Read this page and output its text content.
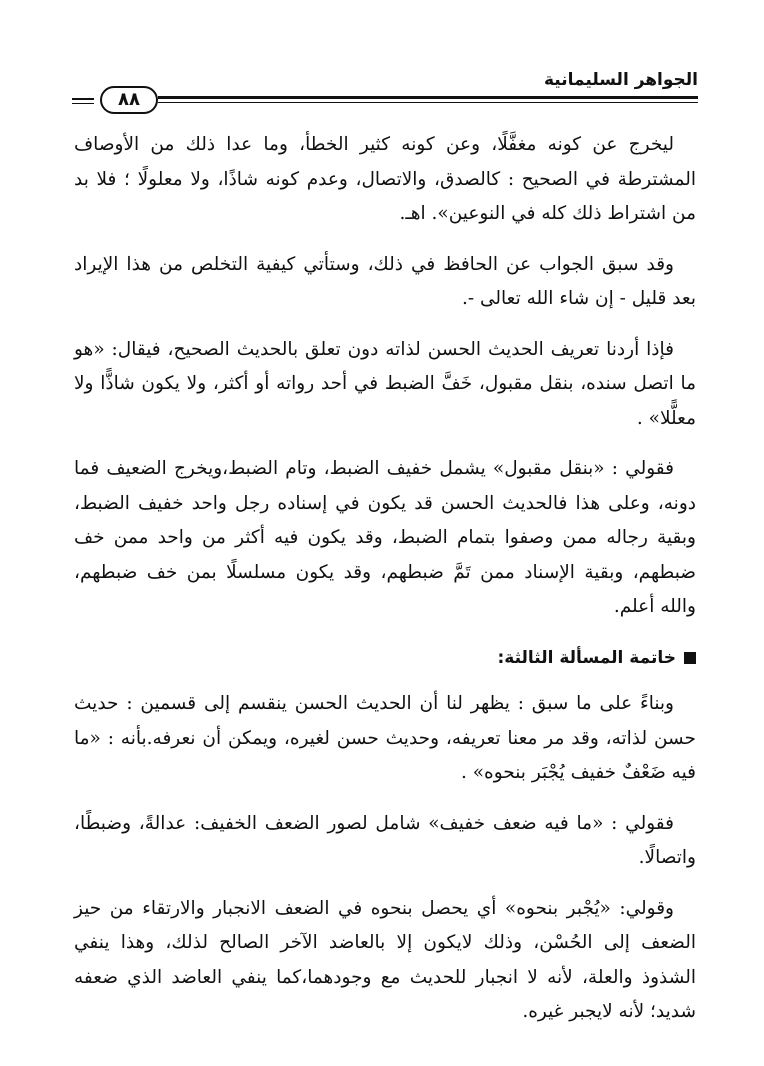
الجواهر السليمانية
٨٨

ليخرج عن كونه مغفَّلًا، وعن كونه كثير الخطأ، وما عدا ذلك من الأوصاف المشترطة في الصحيح : كالصدق، والاتصال، وعدم كونه شاذًا، ولا معلولًا ؛ فلا بد من اشتراط ذلك كله في النوعين». اهـ.

وقد سبق الجواب عن الحافظ في ذلك، وستأتي كيفية التخلص من هذا الإيراد بعد قليل - إن شاء الله تعالى -.

فإذا أردنا تعريف الحديث الحسن لذاته دون تعلق بالحديث الصحيح، فيقال: «هو ما اتصل سنده، بنقل مقبول، خَفَّ الضبط في أحد رواته أو أكثر، ولا يكون شاذًّا ولا معلًّلا» .

فقولي : «بنقل مقبول» يشمل خفيف الضبط، وتام الضبط،ويخرج الضعيف فما دونه، وعلى هذا فالحديث الحسن قد يكون في إسناده رجل واحد خفيف الضبط، وبقية رجاله ممن وصفوا بتمام الضبط، وقد يكون فيه أكثر من واحد ممن خف ضبطهم، وبقية الإسناد ممن تَمَّ ضبطهم، وقد يكون مسلسلًا بمن خف ضبطهم، والله أعلم.

خاتمة المسألة الثالثة:

وبناءً على ما سبق : يظهر لنا أن الحديث الحسن ينقسم إلى قسمين : حديث حسن لذاته، وقد مر معنا تعريفه، وحديث حسن لغيره، ويمكن أن نعرفه.بأنه : «ما فيه ضَعْفٌ خفيف يُجْبَر بنحوه» .

فقولي : «ما فيه ضعف خفيف» شامل لصور الضعف الخفيف: عدالةً، وضبطًا، واتصالًا.

وقولي: «يُجْبر بنحوه» أي يحصل بنحوه في الضعف الانجبار والارتقاء من حيز الضعف إلى الحُسْن، وذلك لايكون إلا بالعاضد الآخر الصالح لذلك، وهذا ينفي الشذوذ والعلة، لأنه لا انجبار للحديث مع وجودهما،كما ينفي العاضد الذي ضعفه شديد؛ لأنه لايجبر غيره.
